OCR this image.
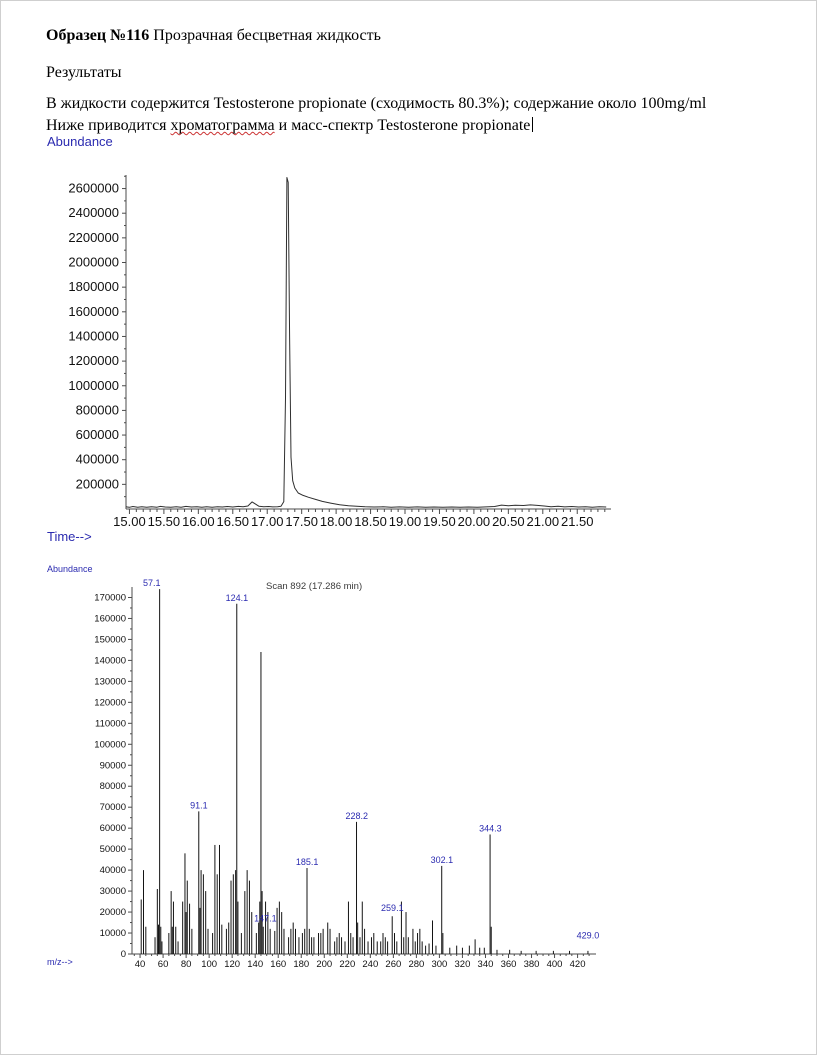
Образец №116 Прозрачная бесцветная жидкость
Результаты
В жидкости содержится Testosterone propionate (сходимость 80.3%); содержание около 100mg/ml
Ниже приводится хроматограмма и масс-спектр Testosterone propionate
Abundance
200000
400000
600000
800000
1000000
1200000
1400000
1600000
1800000
2000000
2200000
2400000
2600000
15.00 15.50 16.00 16.50 17.00 17.50 18.00 18.50 19.00 19.50 20.00 20.50 21.00 21.50
Time-->
Abundance
0
10000
20000
30000
40000
50000
60000
70000
80000
90000
100000
110000
120000
130000
140000
150000
160000
170000
40 60 80 100 120 140 160 180 200 220 240 260 280 300 320 340 360 380 400 420
57.1
91.1
124.1
147.1
185.1
228.2
259.1
302.1
344.3
429.0
Scan 892 (17.286 min)
m/z-->
